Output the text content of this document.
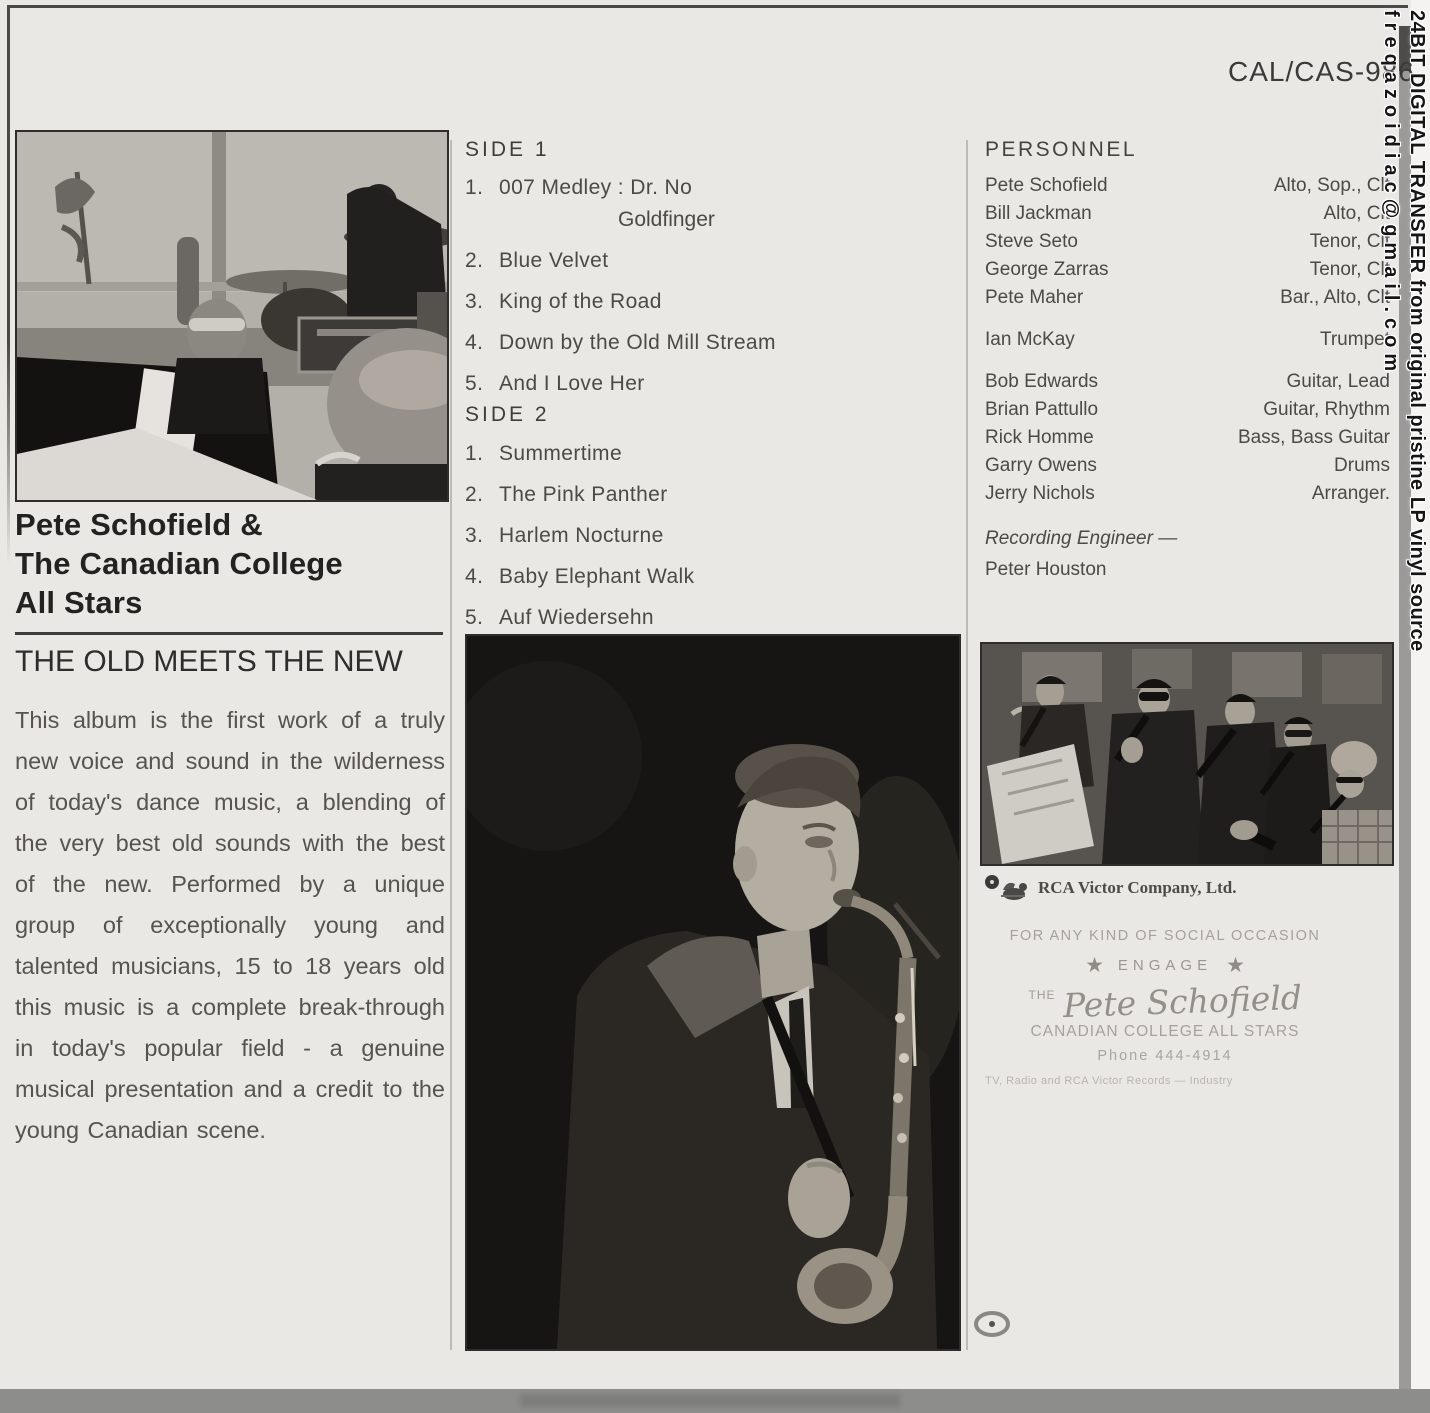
CAL/CAS-986
Pete Schofield &
The Canadian College
All Stars
THE OLD MEETS THE NEW
This album is the first work of a truly new voice and sound in the wilderness of today's dance music, a blending of the very best old sounds with the best of the new. Performed by a unique group of exceptionally young and talented musicians, 15 to 18 years old this music is a complete break-through in today's popular field - a genuine musical presentation and a credit to the young Canadian scene.
SIDE 1
1. 007 Medley : Dr. No
Goldfinger
2. Blue Velvet
3. King of the Road
4. Down by the Old Mill Stream
5. And I Love Her
SIDE 2
1. Summertime
2. The Pink Panther
3. Harlem Nocturne
4. Baby Elephant Walk
5. Auf Wiedersehn
PERSONNEL
Pete Schofield	Alto, Sop., Clt
Bill Jackman	Alto, Clt
Steve Seto	Tenor, Clt
George Zarras	Tenor, Clt
Pete Maher	Bar., Alto, Clt
Ian McKay	Trumpet
Bob Edwards	Guitar, Lead
Brian Pattullo	Guitar, Rhythm
Rick Homme	Bass, Bass Guitar
Garry Owens	Drums
Jerry Nichols	Arranger.
Recording Engineer —
Peter Houston
RCA Victor Company, Ltd.
FOR ANY KIND OF SOCIAL OCCASION
★ ENGAGE ★
THE Pete Schofield
CANADIAN COLLEGE ALL STARS
Phone 444-4914
TV, Radio and RCA Victor Records — Industry
24BIT DIGITAL TRANSFER from original pristine LP vinyl source
freqazoidiac@gmail.com
